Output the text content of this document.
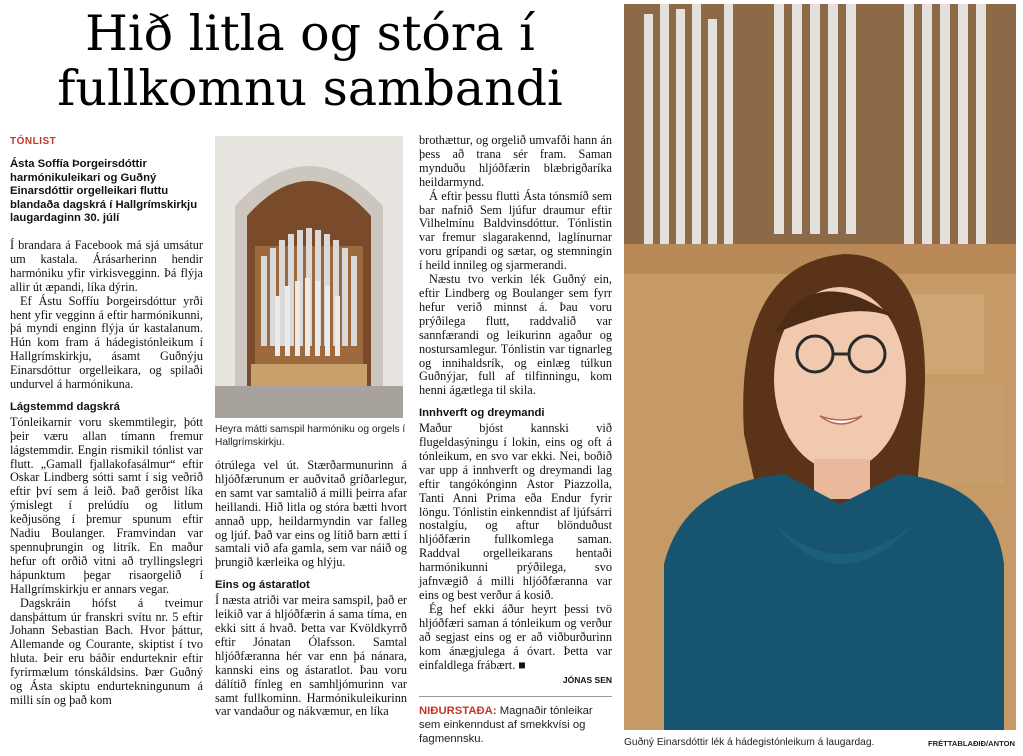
Hið litla og stóra í fullkomnu sambandi
TÓNLIST
Ásta Soffía Þorgeirsdóttir harmónikuleikari og Guðný Einarsdóttir orgelleikari fluttu blandaða dagskrá í Hallgrímskirkju laugardaginn 30. júlí

Í brandara á Facebook má sjá umsátur um kastala. Árásarherinn hendir harmóniku yfir virkisvegginn. Þá flýja allir út æpandi, líka dýrin.

Ef Ástu Soffíu Þorgeirsdóttur yrði hent yfir vegginn á eftir harmónikunni, þá myndi enginn flýja úr kastalanum. Hún kom fram á hádegistónleikum í Hallgrímskirkju, ásamt Guðnýju Einarsdóttur orgelleikara, og spilaði undurvel á harmónikuna.

Lágstemmd dagskrá

Tónleikarnir voru skemmtilegir, þótt þeir væru allan tímann fremur lágstemmdir. Engin rismikil tónlist var flutt. „Gamall fjallakofasálmur“ eftir Oskar Lindberg sótti samt í sig veðrið eftir því sem á leið. Það gerðist líka ýmislegt í prelúdíu og litlum keðjusöng í þremur spunum eftir Nadiu Boulanger. Framvindan var spennuþrungin og litrík. En maður hefur oft orðið vitni að tryllingslegri hápunktum þegar risaorgelið í Hallgrímskirkju er annars vegar.

Dagskráin hófst á tveimur dansþáttum úr franskri svítu nr. 5 eftir Johann Sebastian Bach. Hvor þáttur, Allemande og Courante, skiptist í tvo hluta. Þeir eru báðir endurteknir eftir fyrirmælum tónskáldsins. Þær Guðný og Ásta skiptu endurtekningunum á milli sín og það kom

Heyra mátti samspil harmóniku og orgels í Hallgrímskirkju.

ótrúlega vel út. Stærðarmunurinn á hljóðfærunum er auðvitað gríðarlegur, en samt var samtalið á milli þeirra afar heillandi. Hið litla og stóra bætti hvort annað upp, heildarmyndin var falleg og ljúf. Það var eins og lítið barn ætti í samtali við afa gamla, sem var náið og þrungið kærleika og hlýju.

Eins og ástaratlot

Í næsta atriði var meira samspil, það er leikið var á hljóðfærin á sama tíma, en ekki sitt á hvað. Þetta var Kvöldkyrrð eftir Jónatan Ólafsson. Samtal hljóðfæranna hér var enn þá nánara, kannski eins og ástaratlot. Þau voru dálítið fínleg en samhljómurinn var samt fullkominn. Harmónikuleikurinn var vandaður og nákvæmur, en líka

brothættur, og orgelið umvafði hann án þess að trana sér fram. Saman mynduðu hljóðfærin blæbrigðaríka heildarmynd.

Á eftir þessu flutti Ásta tónsmíð sem bar nafnið Sem ljúfur draumur eftir Vilhelmínu Baldvinsdóttur. Tónlistin var fremur slagarakennd, laglínurnar voru grípandi og sætar, og stemningin í heild innileg og sjarmerandi.

Næstu tvo verkin lék Guðný ein, eftir Lindberg og Boulanger sem fyrr hefur verið minnst á. Þau voru prýðilega flutt, raddvalið var sannfærandi og leikurinn agaður og nostursamlegur. Tónlistin var tignarleg og innihaldsrík, og einlæg túlkun Guðnýjar, full af tilfinningu, kom henni ágætlega til skila.

Innhverft og dreymandi

Maður bjóst kannski við flugeldasýningu í lokin, eins og oft á tónleikum, en svo var ekki. Nei, boðið var upp á innhverft og dreymandi lag eftir tangókónginn Astor Piazzolla, Tanti Anni Prima eða Endur fyrir löngu. Tónlistin einkenndist af ljúfsárri nostalgíu, og aftur blönduðust hljóðfærin fullkomlega saman. Raddval orgelleikarans hentaði harmónikunni prýðilega, svo jafnvægið á milli hljóðfæranna var eins og best verður á kosið.

Ég hef ekki áður heyrt þessi tvö hljóðfæri saman á tónleikum og verður að segjast eins og er að viðburðurinn kom ánægjulega á óvart. Þetta var einfaldlega frábært. ■

JÓNAS SEN
NIÐURSTAÐA: Magnaðir tónleikar sem einkenndust af smekkvísi og fagmennsku.	Guðný Einarsdóttir lék á hádegistónleikum á laugardag.	FRÉTTABLAÐIÐ/ANTON
